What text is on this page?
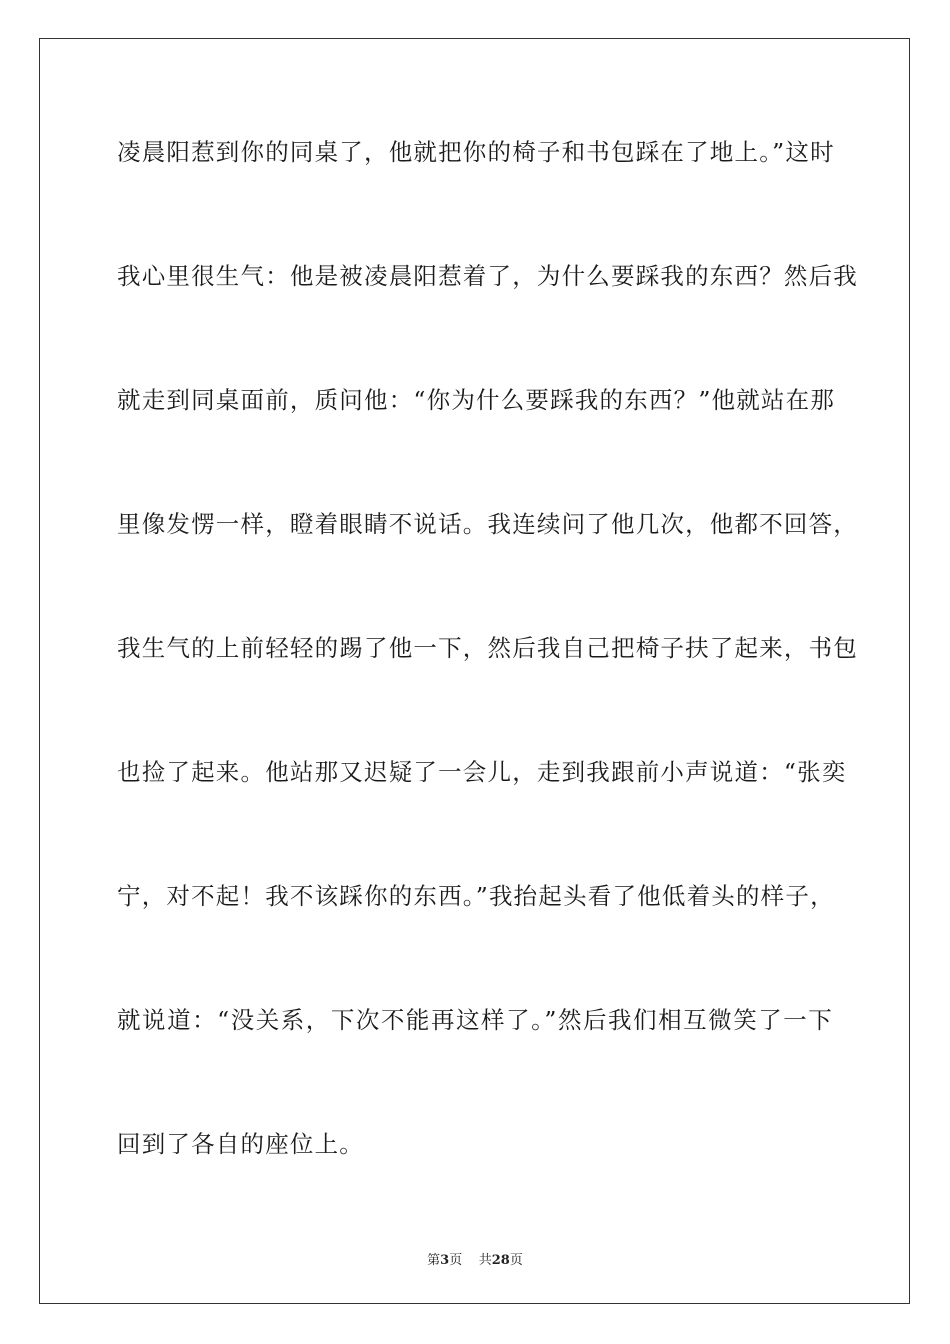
凌晨阳惹到你的同桌了，他就把你的椅子和书包踩在了地上。”这时
我心里很生气：他是被凌晨阳惹着了，为什么要踩我的东西？然后我
就走到同桌面前，质问他：“你为什么要踩我的东西？”他就站在那
里像发愣一样，瞪着眼睛不说话。我连续问了他几次，他都不回答，
我生气的上前轻轻的踢了他一下，然后我自己把椅子扶了起来，书包
也捡了起来。他站那又迟疑了一会儿，走到我跟前小声说道：“张奕
宁，对不起！我不该踩你的东西。”我抬起头看了他低着头的样子，
就说道：“没关系，下次不能再这样了。”然后我们相互微笑了一下
回到了各自的座位上。
第3页 共28页
